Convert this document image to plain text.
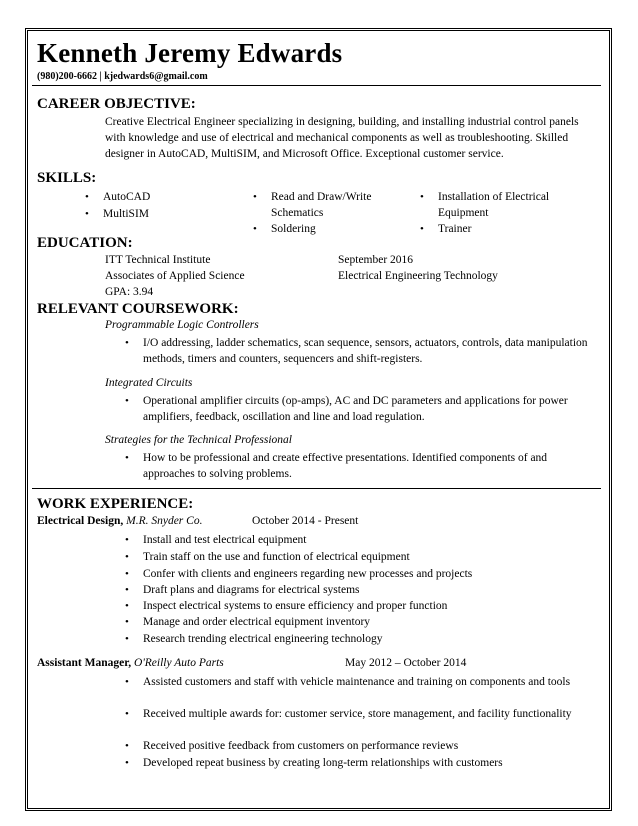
Kenneth Jeremy Edwards
(980)200-6662 | kjedwards6@gmail.com
CAREER OBJECTIVE:
Creative Electrical Engineer specializing in designing, building, and installing industrial control panels with knowledge and use of electrical and mechanical components as well as troubleshooting. Skilled designer in AutoCAD, MultiSIM, and Microsoft Office. Exceptional customer service.
SKILLS:
• AutoCAD
• MultiSIM
• Read and Draw/Write Schematics
• Soldering
• Installation of Electrical Equipment
• Trainer
EDUCATION:
ITT Technical Institute
Associates of Applied Science
GPA: 3.94
September 2016
Electrical Engineering Technology
RELEVANT COURSEWORK:
Programmable Logic Controllers
• I/O addressing, ladder schematics, scan sequence, sensors, actuators, controls, data manipulation methods, timers and counters, sequencers and shift-registers.
Integrated Circuits
• Operational amplifier circuits (op-amps), AC and DC parameters and applications for power amplifiers, feedback, oscillation and line and load regulation.
Strategies for the Technical Professional
• How to be professional and create effective presentations. Identified components of and approaches to solving problems.
WORK EXPERIENCE:
Electrical Design, M.R. Snyder Co.	October 2014 - Present
• Install and test electrical equipment
• Train staff on the use and function of electrical equipment
• Confer with clients and engineers regarding new processes and projects
• Draft plans and diagrams for electrical systems
• Inspect electrical systems to ensure efficiency and proper function
• Manage and order electrical equipment inventory
• Research trending electrical engineering technology
Assistant Manager, O'Reilly Auto Parts	May 2012 – October 2014
• Assisted customers and staff with vehicle maintenance and training on components and tools
• Received multiple awards for: customer service, store management, and facility functionality
• Received positive feedback from customers on performance reviews
• Developed repeat business by creating long-term relationships with customers
